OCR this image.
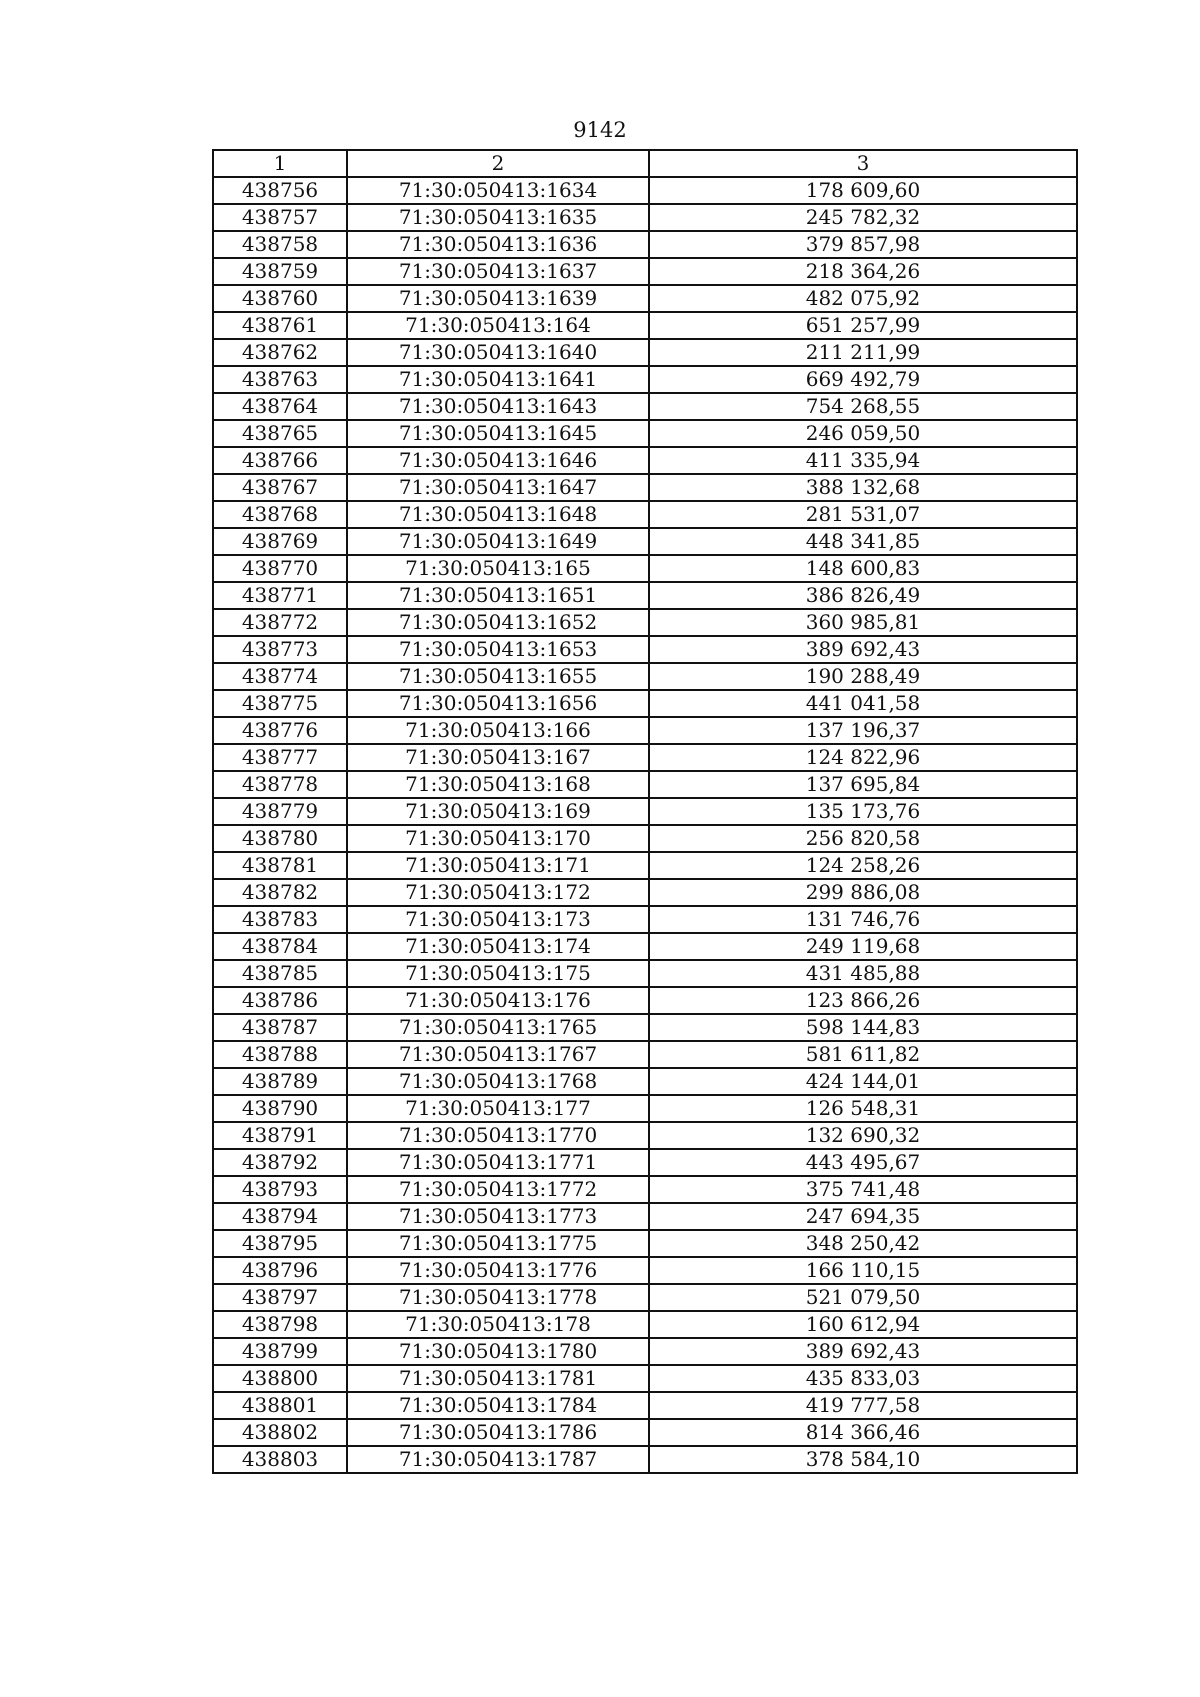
9142
1	2	3
438756	71:30:050413:1634	178 609,60
438757	71:30:050413:1635	245 782,32
438758	71:30:050413:1636	379 857,98
438759	71:30:050413:1637	218 364,26
438760	71:30:050413:1639	482 075,92
438761	71:30:050413:164	651 257,99
438762	71:30:050413:1640	211 211,99
438763	71:30:050413:1641	669 492,79
438764	71:30:050413:1643	754 268,55
438765	71:30:050413:1645	246 059,50
438766	71:30:050413:1646	411 335,94
438767	71:30:050413:1647	388 132,68
438768	71:30:050413:1648	281 531,07
438769	71:30:050413:1649	448 341,85
438770	71:30:050413:165	148 600,83
438771	71:30:050413:1651	386 826,49
438772	71:30:050413:1652	360 985,81
438773	71:30:050413:1653	389 692,43
438774	71:30:050413:1655	190 288,49
438775	71:30:050413:1656	441 041,58
438776	71:30:050413:166	137 196,37
438777	71:30:050413:167	124 822,96
438778	71:30:050413:168	137 695,84
438779	71:30:050413:169	135 173,76
438780	71:30:050413:170	256 820,58
438781	71:30:050413:171	124 258,26
438782	71:30:050413:172	299 886,08
438783	71:30:050413:173	131 746,76
438784	71:30:050413:174	249 119,68
438785	71:30:050413:175	431 485,88
438786	71:30:050413:176	123 866,26
438787	71:30:050413:1765	598 144,83
438788	71:30:050413:1767	581 611,82
438789	71:30:050413:1768	424 144,01
438790	71:30:050413:177	126 548,31
438791	71:30:050413:1770	132 690,32
438792	71:30:050413:1771	443 495,67
438793	71:30:050413:1772	375 741,48
438794	71:30:050413:1773	247 694,35
438795	71:30:050413:1775	348 250,42
438796	71:30:050413:1776	166 110,15
438797	71:30:050413:1778	521 079,50
438798	71:30:050413:178	160 612,94
438799	71:30:050413:1780	389 692,43
438800	71:30:050413:1781	435 833,03
438801	71:30:050413:1784	419 777,58
438802	71:30:050413:1786	814 366,46
438803	71:30:050413:1787	378 584,10
